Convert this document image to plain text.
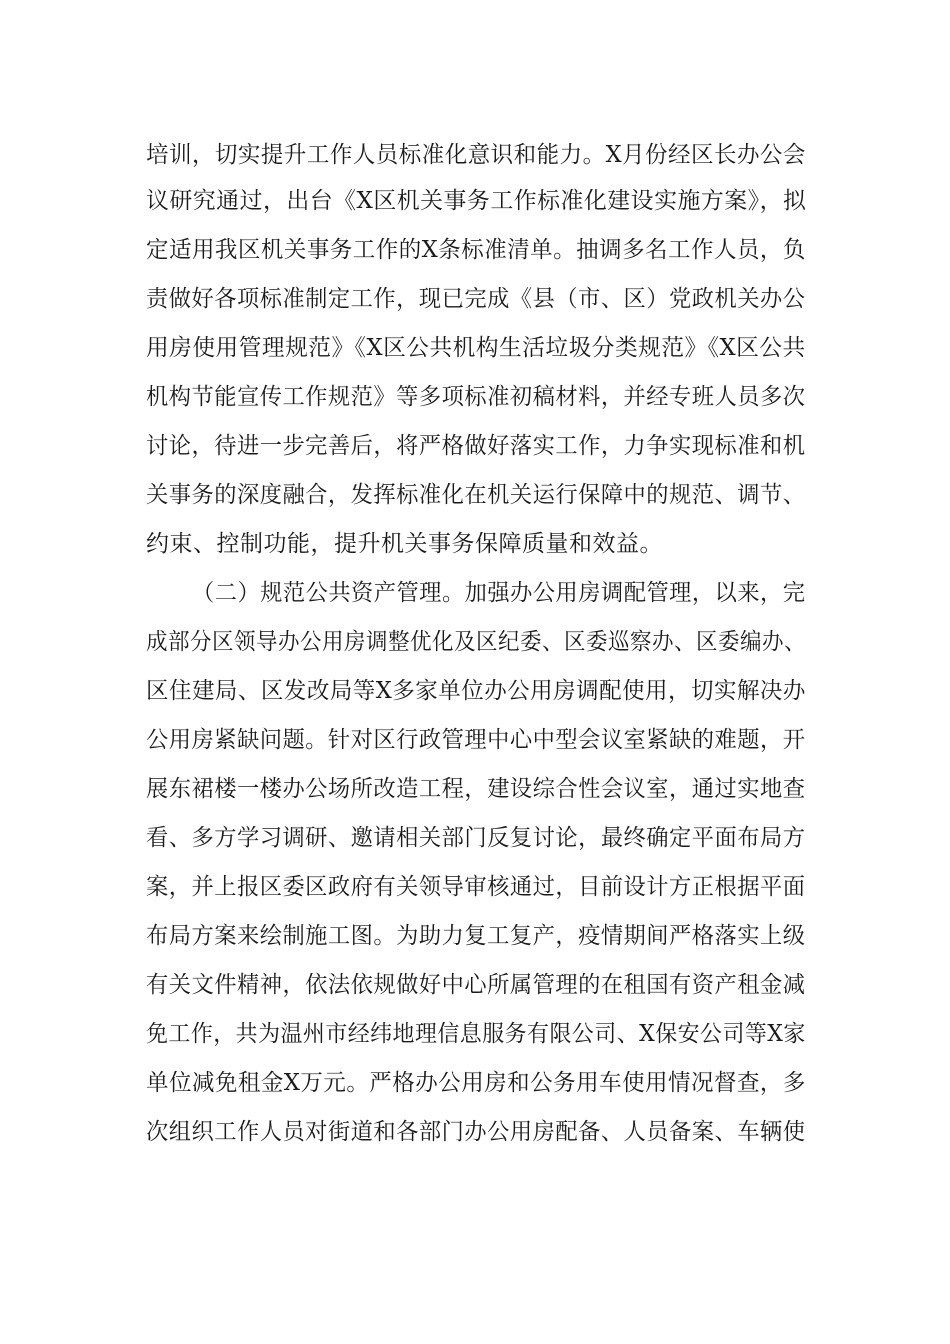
培训，切实提升工作人员标准化意识和能力。X月份经区长办公会
议研究通过，出台《X区机关事务工作标准化建设实施方案》，拟
定适用我区机关事务工作的X条标准清单。抽调多名工作人员，负
责做好各项标准制定工作，现已完成《县（市、区）党政机关办公
用房使用管理规范》《X区公共机构生活垃圾分类规范》《X区公共
机构节能宣传工作规范》等多项标准初稿材料，并经专班人员多次
讨论，待进一步完善后，将严格做好落实工作，力争实现标准和机
关事务的深度融合，发挥标准化在机关运行保障中的规范、调节、
约束、控制功能，提升机关事务保障质量和效益。
（二）规范公共资产管理。加强办公用房调配管理，以来，完
成部分区领导办公用房调整优化及区纪委、区委巡察办、区委编办、
区住建局、区发改局等X多家单位办公用房调配使用，切实解决办
公用房紧缺问题。针对区行政管理中心中型会议室紧缺的难题，开
展东裙楼一楼办公场所改造工程，建设综合性会议室，通过实地查
看、多方学习调研、邀请相关部门反复讨论，最终确定平面布局方
案，并上报区委区政府有关领导审核通过，目前设计方正根据平面
布局方案来绘制施工图。为助力复工复产，疫情期间严格落实上级
有关文件精神，依法依规做好中心所属管理的在租国有资产租金减
免工作，共为温州市经纬地理信息服务有限公司、X保安公司等X家
单位减免租金X万元。严格办公用房和公务用车使用情况督查，多
次组织工作人员对街道和各部门办公用房配备、人员备案、车辆使
